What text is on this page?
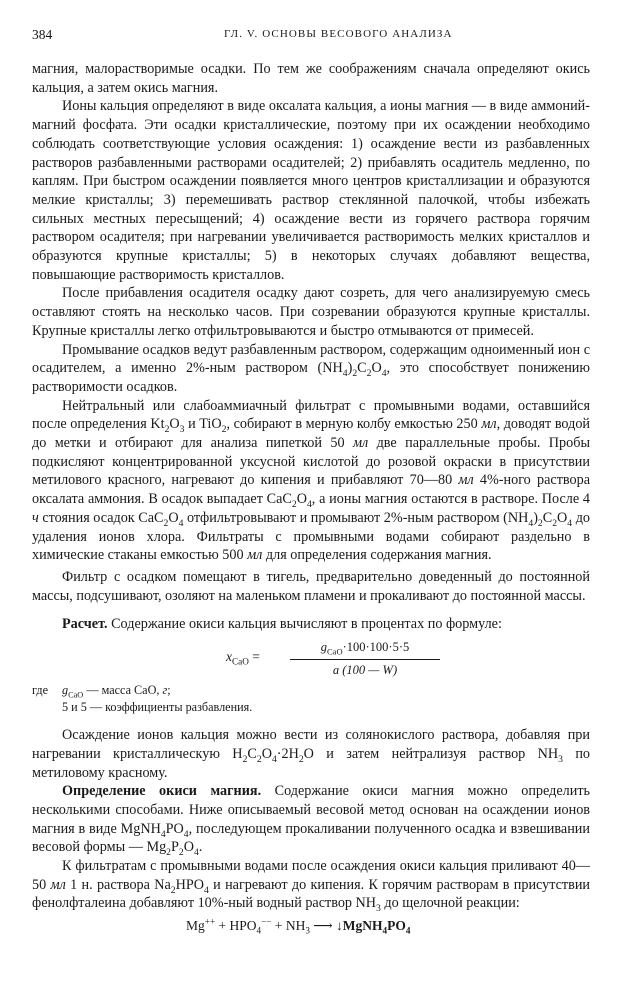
384	ГЛ. V. ОСНОВЫ ВЕСОВОГО АНАЛИЗА

магния, малорастворимые осадки. По тем же соображениям сначала определяют окись кальция, а затем окись магния.

Ионы кальция определяют в виде оксалата кальция, а ионы магния — в виде аммоний-магний фосфата. Эти осадки кристаллические, поэтому при их осаждении необходимо соблюдать соответствующие условия осаждения: 1) осаждение вести из разбавленных растворов разбавленными растворами осадителей; 2) прибавлять осадитель медленно, по каплям. При быстром осаждении появляется много центров кристаллизации и образуются мелкие кристаллы; 3) перемешивать раствор стеклянной палочкой, чтобы избежать сильных местных пересыщений; 4) осаждение вести из горячего раствора горячим раствором осадителя; при нагревании увеличивается растворимость мелких кристаллов и образуются крупные кристаллы; 5) в некоторых случаях добавляют вещества, повышающие растворимость кристаллов.

После прибавления осадителя осадку дают созреть, для чего анализируемую смесь оставляют стоять на несколько часов. При созревании образуются крупные кристаллы. Крупные кристаллы легко отфильтровываются и быстро отмываются от примесей.

Промывание осадков ведут разбавленным раствором, содержащим одноименный ион с осадителем, а именно 2%-ным раствором $(NH_4)_2C_2O_4$, это способствует понижению растворимости осадков.

Нейтральный или слабоаммиачный фильтрат с промывными водами, оставшийся после определения $Kt_2O_3$ и TiO$_2$, собирают в мерную колбу емкостью 250 мл, доводят водой до метки и отбирают для анализа пипеткой 50 мл две параллельные пробы. Пробы подкисляют концентрированной уксусной кислотой до розовой окраски в присутствии метилового красного, нагревают до кипения и прибавляют 70—80 мл 4%-ного раствора оксалата аммония. В осадок выпадает $CaC_2O_4$, а ионы магния остаются в растворе. После 4 ч стояния осадок $CaC_2O_4$ отфильтровывают и промывают 2%-ным раствором $(NH_4)_2C_2O_4$ до удаления ионов хлора. Фильтраты с промывными водами собирают раздельно в химические стаканы емкостью 500 мл для определения содержания магния.

Фильтр с осадком помещают в тигель, предварительно доведенный до постоянной массы, подсушивают, озоляют на маленьком пламени и прокаливают до постоянной массы.

Расчет. Содержание окиси кальция вычисляют в процентах по формуле:

$x_{CaO}$ =
$g_{CaO}\cdot 100\cdot 100\cdot 5\cdot 5$
a (100 — W)
где $g_{CaO}$ — масса CaO, г;
5 и 5 — коэффициенты разбавления.

Осаждение ионов кальция можно вести из солянокислого раствора, добавляя при нагревании кристаллическую $H_2C_2O_4\cdot 2H_2O$ и затем нейтрализуя раствор $NH_3$ по метиловому красному.

Определение окиси магния. Содержание окиси магния можно определить несколькими способами. Ниже описываемый весовой метод основан на осаждении ионов магния в виде $MgNH_4PO_4$, последующем прокаливании полученного осадка и взвешивании весовой формы — $Mg_2P_2O_4$.

К фильтратам с промывными водами после осаждения окиси кальция приливают 40—50 мл 1 н. раствора $Na_2HPO_4$ и нагревают до кипения. К горячим растворам в присутствии фенолфталеина добавляют 10%-ный водный раствор $NH_3$ до щелочной реакции:

$Mg^{++} + HPO_4^{--} + NH_3$ ⟶ $↓MgNH_4PO_4$
